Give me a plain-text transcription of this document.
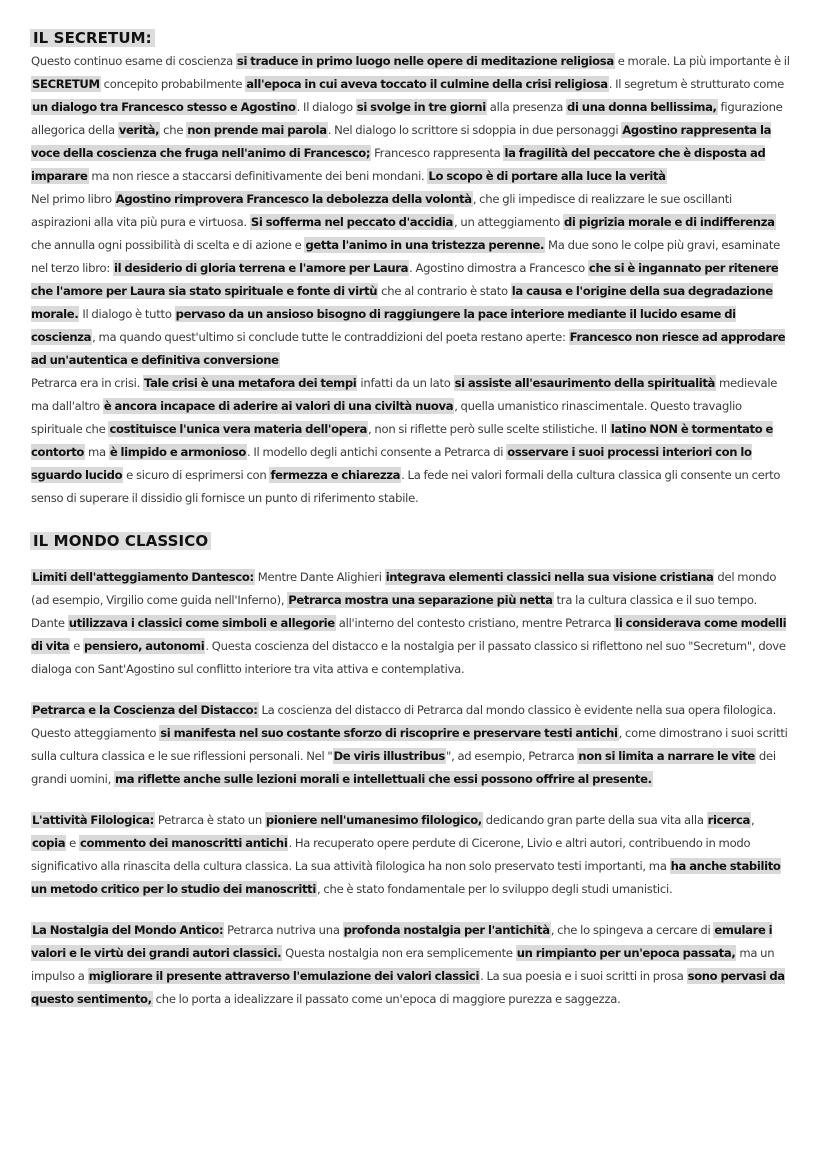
IL SECRETUM:

Questo continuo esame di coscienza si traduce in primo luogo nelle opere di meditazione religiosa e morale. La più importante è il SECRETUM concepito probabilmente all'epoca in cui aveva toccato il culmine della crisi religiosa. Il segretum è strutturato come un dialogo tra Francesco stesso e Agostino. Il dialogo si svolge in tre giorni alla presenza di una donna bellissima, figurazione allegorica della verità, che non prende mai parola. Nel dialogo lo scrittore si sdoppia in due personaggi Agostino rappresenta la voce della coscienza che fruga nell'animo di Francesco; Francesco rappresenta la fragilità del peccatore che è disposta ad imparare ma non riesce a staccarsi definitivamente dei beni mondani. Lo scopo è di portare alla luce la verità

Nel primo libro Agostino rimprovera Francesco la debolezza della volontà, che gli impedisce di realizzare le sue oscillanti aspirazioni alla vita più pura e virtuosa. Si sofferma nel peccato d'accidia, un atteggiamento di pigrizia morale e di indifferenza che annulla ogni possibilità di scelta e di azione e getta l'animo in una tristezza perenne. Ma due sono le colpe più gravi, esaminate nel terzo libro: il desiderio di gloria terrena e l'amore per Laura. Agostino dimostra a Francesco che si è ingannato per ritenere che l'amore per Laura sia stato spirituale e fonte di virtù che al contrario è stato la causa e l'origine della sua degradazione morale. Il dialogo è tutto pervaso da un ansioso bisogno di raggiungere la pace interiore mediante il lucido esame di coscienza, ma quando quest'ultimo si conclude tutte le contraddizioni del poeta restano aperte: Francesco non riesce ad approdare ad un'autentica e definitiva conversione

Petrarca era in crisi. Tale crisi è una metafora dei tempi infatti da un lato si assiste all'esaurimento della spiritualità medievale ma dall'altro è ancora incapace di aderire ai valori di una civiltà nuova, quella umanistico rinascimentale. Questo travaglio spirituale che costituisce l'unica vera materia dell'opera, non si riflette però sulle scelte stilistiche. Il latino NON è tormentato e contorto ma è limpido e armonioso. Il modello degli antichi consente a Petrarca di osservare i suoi processi interiori con lo sguardo lucido e sicuro di esprimersi con fermezza e chiarezza. La fede nei valori formali della cultura classica gli consente un certo senso di superare il dissidio gli fornisce un punto di riferimento stabile.

IL MONDO CLASSICO

Limiti dell'atteggiamento Dantesco: Mentre Dante Alighieri integrava elementi classici nella sua visione cristiana del mondo (ad esempio, Virgilio come guida nell'Inferno), Petrarca mostra una separazione più netta tra la cultura classica e il suo tempo. Dante utilizzava i classici come simboli e allegorie all'interno del contesto cristiano, mentre Petrarca li considerava come modelli di vita e pensiero, autonomi. Questa coscienza del distacco e la nostalgia per il passato classico si riflettono nel suo "Secretum", dove dialoga con Sant'Agostino sul conflitto interiore tra vita attiva e contemplativa.

Petrarca e la Coscienza del Distacco: La coscienza del distacco di Petrarca dal mondo classico è evidente nella sua opera filologica. Questo atteggiamento si manifesta nel suo costante sforzo di riscoprire e preservare testi antichi, come dimostrano i suoi scritti sulla cultura classica e le sue riflessioni personali. Nel "De viris illustribus", ad esempio, Petrarca non si limita a narrare le vite dei grandi uomini, ma riflette anche sulle lezioni morali e intellettuali che essi possono offrire al presente.

L'attività Filologica: Petrarca è stato un pioniere nell'umanesimo filologico, dedicando gran parte della sua vita alla ricerca, copia e commento dei manoscritti antichi. Ha recuperato opere perdute di Cicerone, Livio e altri autori, contribuendo in modo significativo alla rinascita della cultura classica. La sua attività filologica ha non solo preservato testi importanti, ma ha anche stabilito un metodo critico per lo studio dei manoscritti, che è stato fondamentale per lo sviluppo degli studi umanistici.

La Nostalgia del Mondo Antico: Petrarca nutriva una profonda nostalgia per l'antichità, che lo spingeva a cercare di emulare i valori e le virtù dei grandi autori classici. Questa nostalgia non era semplicemente un rimpianto per un'epoca passata, ma un impulso a migliorare il presente attraverso l'emulazione dei valori classici. La sua poesia e i suoi scritti in prosa sono pervasi da questo sentimento, che lo porta a idealizzare il passato come un'epoca di maggiore purezza e saggezza.
